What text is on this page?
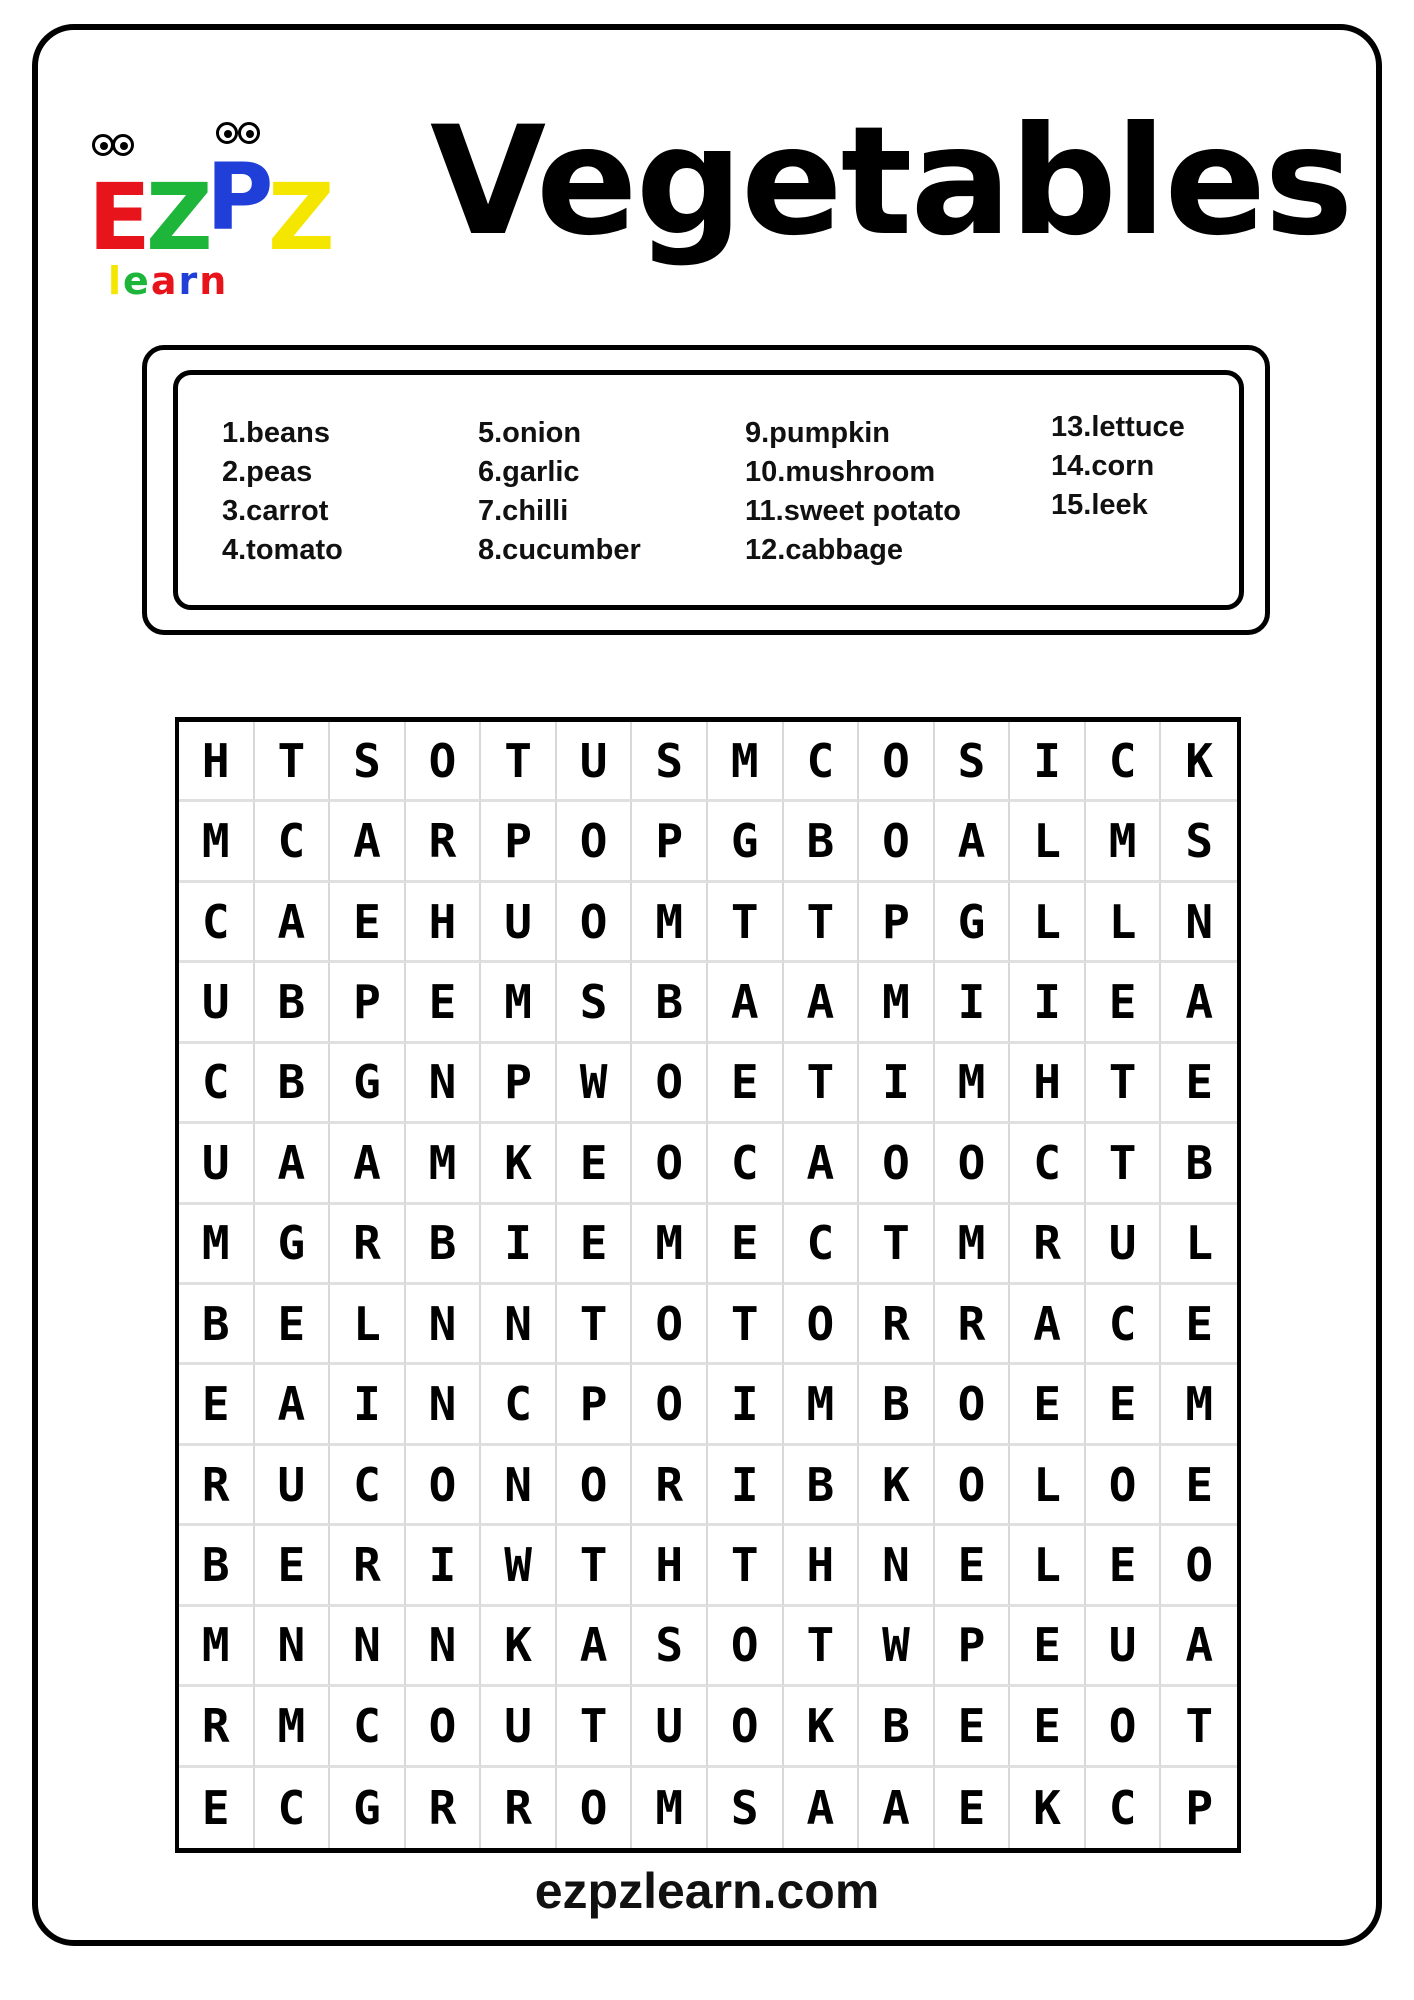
E Z
P
Z
learn
Vegetables
1.beans
2.peas
3.carrot
4.tomato
5.onion
6.garlic
7.chilli
8.cucumber
9.pumpkin
10.mushroom
11.sweet potato
12.cabbage
13.lettuce
14.corn
15.leek
H	T	S	O	T	U	S	M	C	O	S	I	C	K
M	C	A	R	P	O	P	G	B	O	A	L	M	S
C	A	E	H	U	O	M	T	T	P	G	L	L	N
U	B	P	E	M	S	B	A	A	M	I	I	E	A
C	B	G	N	P	W	O	E	T	I	M	H	T	E
U	A	A	M	K	E	O	C	A	O	O	C	T	B
M	G	R	B	I	E	M	E	C	T	M	R	U	L
B	E	L	N	N	T	O	T	O	R	R	A	C	E
E	A	I	N	C	P	O	I	M	B	O	E	E	M
R	U	C	O	N	O	R	I	B	K	O	L	O	E
B	E	R	I	W	T	H	T	H	N	E	L	E	O
M	N	N	N	K	A	S	O	T	W	P	E	U	A
R	M	C	O	U	T	U	O	K	B	E	E	O	T
E	C	G	R	R	O	M	S	A	A	E	K	C	P
ezpzlearn.com
